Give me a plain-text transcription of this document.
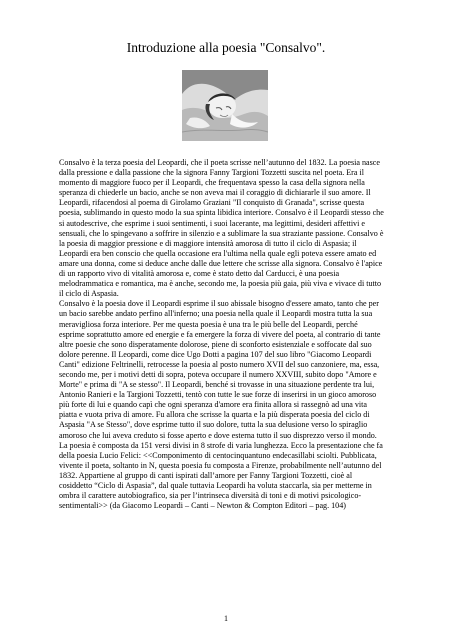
Introduzione alla poesia "Consalvo".
Consalvo è la terza poesia del Leopardi, che il poeta scrisse nell’autunno del 1832. La poesia nasce
dalla pressione e dalla passione che la signora Fanny Targioni Tozzetti suscita nel poeta. Era il
momento di maggiore fuoco per il Leopardi, che frequentava spesso la casa della signora nella
speranza di chiederle un bacio, anche se non aveva mai il coraggio di dichiararle il suo amore. Il
Leopardi, rifacendosi al poema di Girolamo Graziani "Il conquisto di Granada", scrisse questa
poesia, sublimando in questo modo la sua spinta libidica interiore. Consalvo è il Leopardi stesso che
si autodescrive, che esprime i suoi sentimenti, i suoi lacerante, ma legittimi, desideri affettivi e
sensuali, che lo spingevano a soffrire in silenzio e a sublimare la sua straziante passione. Consalvo è
la poesia di maggior pressione e di maggiore intensità amorosa di tutto il ciclo di Aspasia; il
Leopardi era ben conscio che quella occasione era l'ultima nella quale egli poteva essere amato ed
amare una donna, come si deduce anche dalle due lettere che scrisse alla signora. Consalvo è l'apice
di un rapporto vivo di vitalità amorosa e, come è stato detto dal Carducci, è una poesia
melodrammatica e romantica, ma è anche, secondo me, la poesia più gaia, più viva e vivace di tutto
il ciclo di Aspasia.
Consalvo è la poesia dove il Leopardi esprime il suo abissale bisogno d'essere amato, tanto che per
un bacio sarebbe andato perfino all'inferno; una poesia nella quale il Leopardi mostra tutta la sua
meravigliosa forza interiore. Per me questa poesia è una tra le più belle del Leopardi, perché
esprime soprattutto amore ed energie e fa emergere la forza di vivere del poeta, al contrario di tante
altre poesie che sono disperatamente dolorose, piene di sconforto esistenziale e soffocate dal suo
dolore perenne. Il Leopardi, come dice Ugo Dotti a pagina 107 del suo libro "Giacomo Leopardi
Canti" edizione Feltrinelli, retrocesse la poesia al posto numero XVII del suo canzoniere, ma, essa,
secondo me, per i motivi detti di sopra, poteva occupare il numero XXVIII, subito dopo "Amore e
Morte" e prima di "A se stesso". Il Leopardi, benché si trovasse in una situazione perdente tra lui,
Antonio Ranieri e la Targioni Tozzetti, tentò con tutte le sue forze di inserirsi in un gioco amoroso
più forte di lui e quando capì che ogni speranza d'amore era finita allora si rassegnò ad una vita
piatta e vuota priva di amore. Fu allora che scrisse la quarta e la più disperata poesia del ciclo di
Aspasia "A se Stesso", dove esprime tutto il suo dolore, tutta la sua delusione verso lo spiraglio
amoroso che lui aveva creduto si fosse aperto e dove esterna tutto il suo disprezzo verso il mondo.
La poesia è composta da 151 versi divisi in 8 strofe di varia lunghezza. Ecco la presentazione che fa
della poesia Lucio Felici: <<Componimento di centocinquantuno endecasillabi sciolti. Pubblicata,
vivente il poeta, soltanto in N, questa poesia fu composta a Firenze, probabilmente nell’autunno del
1832. Appartiene al gruppo di canti ispirati dall’amore per Fanny Targioni Tozzetti, cioè al
cosiddetto “Ciclo di Aspasia”, dal quale tuttavia Leopardi ha voluta staccarla, sia per metterne in
ombra il carattere autobiografico, sia per l’intrinseca diversità di toni e di motivi psicologico-
sentimentali>> (da Giacomo Leopardi – Canti – Newton & Compton Editori – pag. 104)
1
